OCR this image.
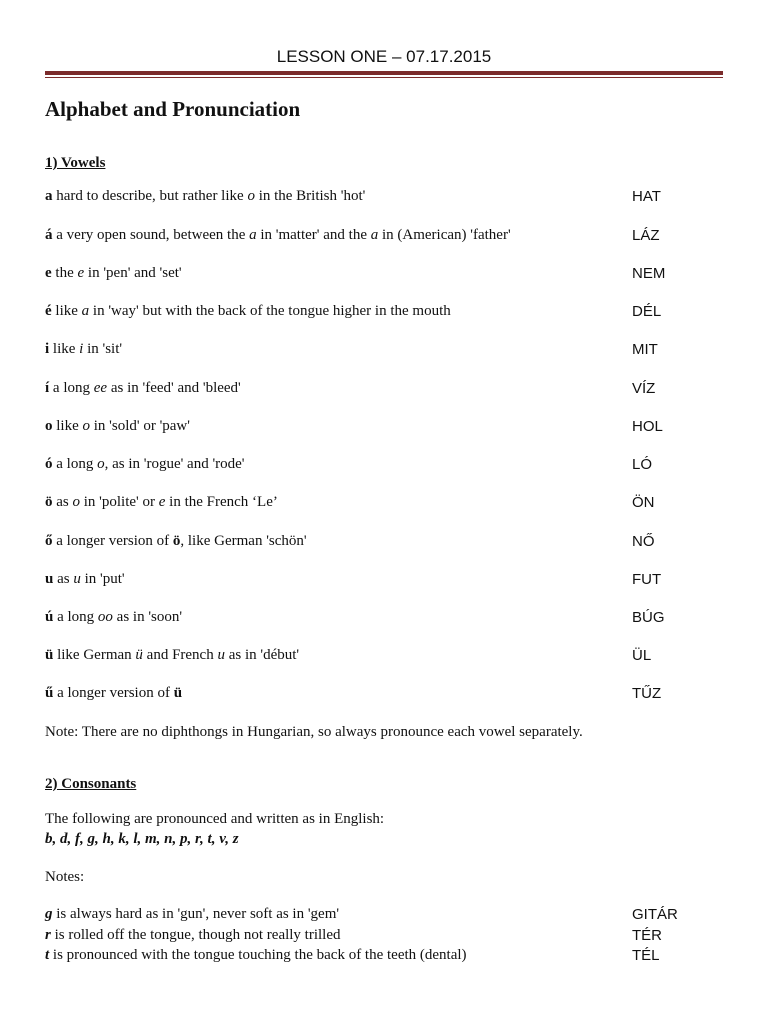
LESSON ONE – 07.17.2015
Alphabet and Pronunciation
1) Vowels
a hard to describe, but rather like o in the British 'hot'	HAT
á a very open sound, between the a in 'matter' and the a in (American) 'father'	LÁZ
e the e in 'pen' and 'set'	NEM
é like a in 'way' but with the back of the tongue higher in the mouth	DÉL
i like i in 'sit'	MIT
í a long ee as in 'feed' and 'bleed'	VÍZ
o like o in 'sold' or 'paw'	HOL
ó a long o, as in 'rogue' and 'rode'	LÓ
ö as o in 'polite' or e in the French ‘Le’	ÖN
ő a longer version of ö, like German 'schön'	NŐ
u as u in 'put'	FUT
ú a long oo as in 'soon'	BÚG
ü like German ü and French u as in 'début'	ÜL
ű a longer version of ü	TŰZ
Note: There are no diphthongs in Hungarian, so always pronounce each vowel separately.
2) Consonants
The following are pronounced and written as in English:
b, d, f, g, h, k, l, m, n, p, r, t, v, z
Notes:
g is always hard as in 'gun', never soft as in 'gem'	GITÁR
r is rolled off the tongue, though not really trilled	TÉR
t is pronounced with the tongue touching the back of the teeth (dental)	TÉL
